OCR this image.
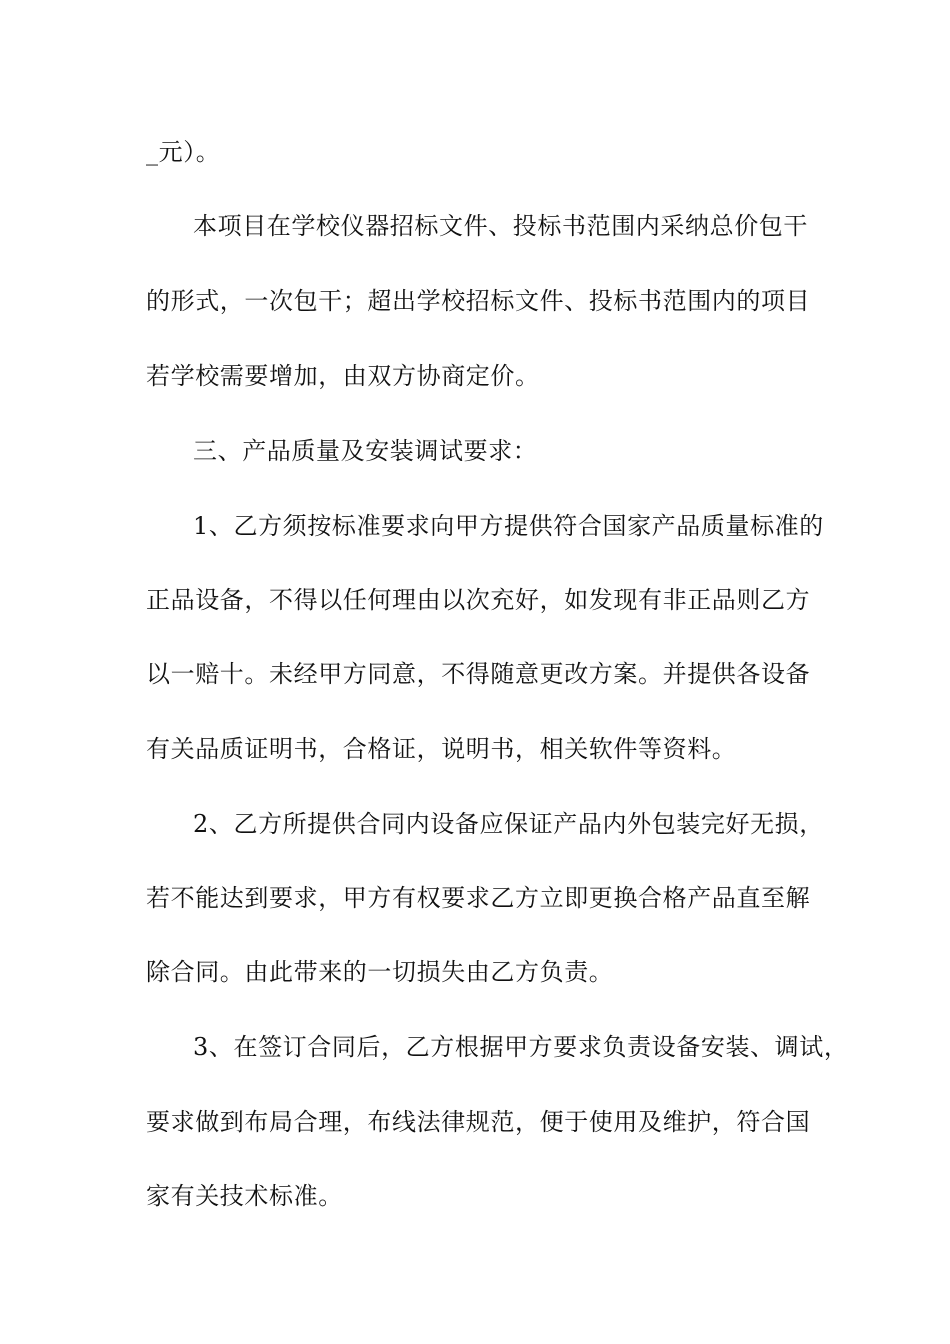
_元）。
本项目在学校仪器招标文件、投标书范围内采纳总价包干
的形式，一次包干；超出学校招标文件、投标书范围内的项目
若学校需要增加，由双方协商定价。
三、产品质量及安装调试要求：
1、乙方须按标准要求向甲方提供符合国家产品质量标准的
正品设备，不得以任何理由以次充好，如发现有非正品则乙方
以一赔十。未经甲方同意，不得随意更改方案。并提供各设备
有关品质证明书，合格证，说明书，相关软件等资料。
2、乙方所提供合同内设备应保证产品内外包装完好无损，
若不能达到要求，甲方有权要求乙方立即更换合格产品直至解
除合同。由此带来的一切损失由乙方负责。
3、在签订合同后，乙方根据甲方要求负责设备安装、调试，
要求做到布局合理，布线法律规范，便于使用及维护，符合国
家有关技术标准。
